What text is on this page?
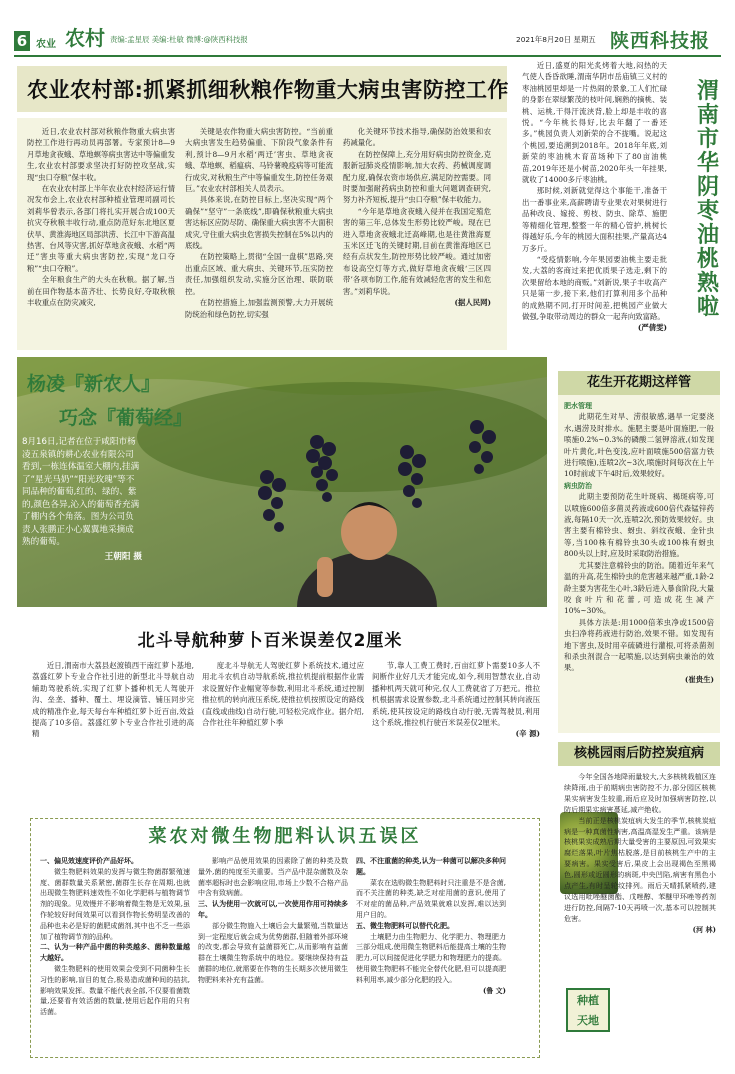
6 农业 农村 责编:孟星辰 美编:杜敏 微博:@陕西科技报	2021年8月20日 星期五 陕西科技报
农业农村部:抓紧抓细秋粮作物重大病虫害防控工作

近日,农业农村部对秋粮作物重大病虫害防控工作进行再动员再部署。专家预计8—9月草地贪夜蛾、草地螟等病虫害达中等偏重发生,农业农村部要求坚决打好防控攻坚战,实现“虫口夺粮”保丰收。

在农业农村部上半年农业农村经济运行情况发布会上,农业农村部种植业管理司副司长刘莉华曾表示,各部门将扎实开展合成100天抗灾夺秋粮丰收行动,重点防范好东北地区夏伏旱、黄淮海地区局部洪涝、长江中下游高温热害、台风等灾害,抓好草地贪夜蛾、水稻“两迁”害虫等重大病虫害防控,实现“龙口夺粮”“虫口夺粮”。

全年粮食生产的大头在秋粮。据了解,当前在田作物基本苗齐壮、长势良好,夺取秋粮丰收重点在防灾减灾,

关键是农作物重大病虫害防控。“当前重大病虫害发生趋势偏重、下阶段气象条件有利,预计8—9月水稻‘两迁’害虫、草地贪夜蛾、草地螟、稻瘟病、马铃薯晚疫病等可能流行成灾,对秋粮生产中等偏重发生,防控任务艰巨。”农业农村部相关人员表示。

具体来说,在防控目标上,坚决实现“两个确保”“坚守”一条底线”,即确保秋粮重大病虫害达标区应防尽防、确保重大病虫害不大面积成灾,守住重大病虫危害损失控制在5%以内的底线。

在防控策略上,贯彻“全国一盘棋”思路,突出重点区域、重大病虫、关键环节,压实防控责任,加强组织发动,实施分区治理、联防联控。

在防控措施上,加强监测预警,大力开展统防统治和绿色防控,切实强

化关键环节技术指导,确保防治效果和农药减量化。

在防控保障上,充分用好病虫防控资金,克服新冠肺炎疫情影响,加大农药、药械调度调配力度,确保农资市场供应,满足防控需要。同时要加强耐药病虫防控和重大问题调查研究,努力补齐短板,提升“虫口夺粮”保丰收能力。

“今年是草地贪夜蛾入侵并在我国定殖危害的第三年,总体发生形势比较严峻。现在已进入草地贪夜蛾北迁高峰期,也是往黄淮海夏玉米区迁飞的关键时期,目前在黄淮海地区已经有点状发生,防控形势比较严峻。通过加密布设高空灯等方式,做好草地贪夜蛾‘三区四带’各项布防工作,能有效减轻危害的发生和危害。”刘莉华说。

(据人民网)

近日,盛夏的阳光炙烤着大地,闷热的天气使人昏昏欲睡,渭南华阴市岳庙镇三义村的枣油桃园里却是一片热闹的景象,工人们忙碌的身影在翠绿繁茂的枝叶间,娴熟的摘桃、装桃、运桃,干得汗流浃背,脸上却是丰收的喜悦。“今年桃长得好,比去年翻了一番还多。”桃园负责人刘新荣的合不拢嘴。说起这个桃园,要追溯到2018年。2018年年底,刘新荣的枣油桃木育苗场种下了80亩油桃苗,2019年还是小树苗,2020年头一年挂果,就收了14000多斤枣油桃。

那时候,刘新就觉得这个事能干,准备干出一番事业来,高薪聘请专业果农对果树进行品种改良、嫁接、剪枝、防虫、除草、施肥等精细化管理,整整一年的精心管护,桃树长得越好乐,今年的桃园大面积挂果,产量高达4万多斤。

“受疫情影响,今年果园要油桃主要走批发,大荔的客商过来把优质果子选走,剩下的次果留给本地的商贩。”刘新说,果子丰收高产只是第一步,接下来,他们打算利用多个品种的成熟期不同,打开时间差,把桃园产业做大做强,争取带动周边的群众一起奔向致富路。

(严倩雯)

渭南市华阴枣油桃熟啦
杨凌『新农人』
巧念『葡萄经』
8月16日,记者在位于咸阳市杨凌五泉镇的耕心农业有限公司看到,一栋连体温室大棚内,挂满了“星光马奶”“阳光玫瑰”等不同品种的葡萄,红的、绿的、紫的,颜色各异,沁入的葡萄香充满了棚内各个角落。图为公司负责人张鹏正小心翼翼地采摘成熟的葡萄。
王朝阳 摄
花生开花期这样管

肥水管理

此期花生对旱、涝很敏感,遇旱一定要浇水,遇涝及时排水。施肥主要是叶面施肥,一般喷施0.2%~0.3%的磷酸二氢钾溶液,(如发现叶片黄化,叶色变浅,应叶面喷施500倍富力铁进行喷施),连喷2次~3次,喷施时间每次在上午10时前或下午4时后,效果较好。

病虫防治

此期主要预防花生叶斑病、褐斑病等,可以喷施600倍多菌灵药液或600倍代森锰锌药液,每隔10天一次,连喷2次,预防效果较好。虫害主要有棉铃虫、蚜虫、斜纹夜蛾、金针虫等,当100株有棉铃虫30头或100株有蚜虫800头以上时,应及时采取防治措施。

尤其要注意棉铃虫的防治。随着近年来气温的升高,花生棉铃虫的危害越来越严重,1龄-2龄主要为害花生心叶,3龄后进入暴食阶段,大量咬食叶片和花蕾,可造成花生减产10%~30%。

具体方法是:用1000倍苯虫净或1500倍虫扫净将药液进行防治,效果不错。如发现有地下害虫,及时用辛硫磷进行灌根,可将杀菌剂和杀虫剂混合一起喷施,以达到病虫兼治的效果。

(崔贵生)

北斗导航种萝卜百米误差仅2厘米

近日,渭南市大荔县赵渡镇西干南红萝卜基地,荔盛红萝卜专业合作社引进的新型北斗导航自动辅助驾驶系统,实现了红萝卜播种机无人驾驶开沟、垒垄、播种、覆土、埋设滴管、铺压同步完成的精准作业,每天每台车种植红萝卜近百亩,效益提高了10多倍。荔盛红萝卜专业合作社引进的高精

度北斗导航无人驾驶红萝卜系统技术,通过应用北斗农机自动导航系统,推拉机提前根据作业需求设置好作业幅宽等参数,利用北斗系统,通过控制推拉机的转向液压系统,使推拉机按照设定的路线(直线或曲线)自动行驶,可轻松完成作业。据介绍,合作社往年种植红萝卜季

节,靠人工费工费时,百亩红萝卜需要10多人不间断作业好几天才能完成,如今,利用智慧农业,自动播种机两天就可种完,仅人工费就省了万把元。推拉机根据需求设置参数,北斗系统通过控制其转向液压系统,使其按设定的路线自动行驶,无需驾驶员,利用这个系统,推拉机行驶百米误差仅2厘米。

(辛 源)

菜农对微生物肥料认识五误区

一、偏见效速度评价产品好坏。

微生物肥料效果的发挥与微生物菌群繁殖速度、菌群数量关系紧密,菌群生长存在周期,也就出现微生物肥料速效性不如化学肥料与植物调节剂的现象。见效慢并不影响着微生物是无效果,虽作轮较好时间效果可以看到作物长势明显改善的品种也未必是好的菌肥成菌剂,其中也不乏一些添加了植物调节剂的品种。

二、认为一种产品中菌的种类越多、菌种数量越大越好。

微生物肥料的使用效果会受到不同菌种生长习性的影响,盲目的复合,极易造成菌种间的拮抗,影响效果发挥。数量不能代表全部,不仅要看菌数量,还要看有效活菌的数量,使用后起作用的只有活菌。

影响产品使用效果的因素除了菌的种类及数量外,菌的纯度至关重要。当产品中混杂菌数及杂菌率超标时也会影响应用,市场上少数不合格产品中含有致病菌。

三、认为使用一次就可以,一次使用作用可持续多年。

部分微生物施入土壤后会大量繁殖,当数量达到一定程度后就会成为优势菌群,但随着外部环境的改变,都会导致有益菌群死亡,从而影响有益菌群在土壤微生物系统中的地位。要继续保持有益菌群的地位,就需要在作物的生长期多次使用微生物肥料来补充有益菌。

四、不注重菌的种类,认为一种菌可以解决多种问题。

菜农在选购微生物肥料时只注重是不是含菌,而不关注菌的种类,缺乏对症用菌的意识,使用了不对症的菌品种,产品效果就难以发挥,难以达到用户目的。

五、微生物肥料可以替代化肥。

土壤肥力由生物肥力、化学肥力、物理肥力三部分组成,使用微生物肥料后能提高土壤的生物肥力,可以间接促进化学肥力和物理肥力的提高。使用微生物肥料不能完全替代化肥,但可以提高肥料利用率,减少部分化肥的投入。

(鲁 文)

核桃园雨后防控炭疽病

今年全国各地降雨量较大,大多核桃栽植区连续降雨,由于前期病虫害防控不力,部分园区核桃果实病害发生较重,雨后应及时加强病害防控,以防后期果实病害蔓延,减产绝收。

当前正是核桃炭疽病大发生的季节,核桃炭疽病是一种真菌性病害,高温高湿发生严重。该病是核桃果实成熟后期大量受害的主要原因,可致果实腐烂落果,叶片焦枯脱落,是目前核桃生产中的主要病害。果实受害后,果皮上会出现褐色至黑褐色,圆形或近圆形的病斑,中央凹陷,病害有黑色小点产生,有时呈轮纹排列。雨后天晴抓紧喷药,建议选用吡唑醚菌酯、戊唑醇、苯醚甲环唑等药剂进行防控,间隔7-10天再喷一次,基本可以控制其危害。

(河 林)

种植
天地
